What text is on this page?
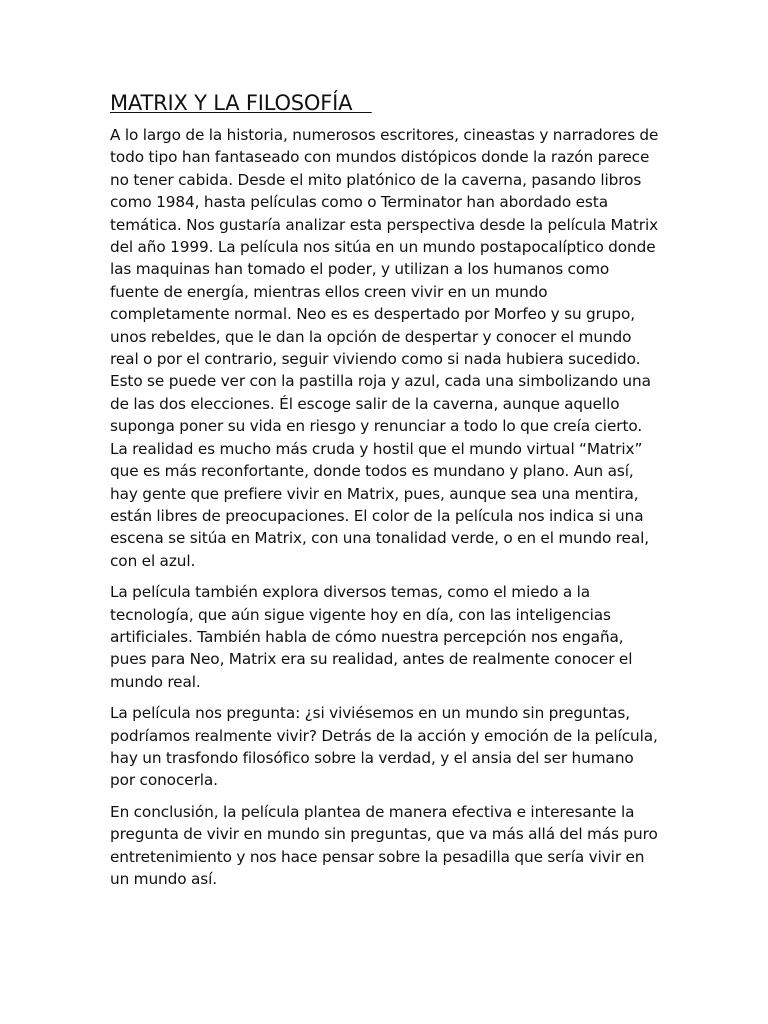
MATRIX Y LA FILOSOFÍA

A lo largo de la historia, numerosos escritores, cineastas y narradores de todo tipo han fantaseado con mundos distópicos donde la razón parece no tener cabida. Desde el mito platónico de la caverna, pasando libros como 1984, hasta películas como o Terminator han abordado esta temática. Nos gustaría analizar esta perspectiva desde la película Matrix del año 1999. La película nos sitúa en un mundo postapocalíptico donde las maquinas han tomado el poder, y utilizan a los humanos como fuente de energía, mientras ellos creen vivir en un mundo completamente normal. Neo es es despertado por Morfeo y su grupo, unos rebeldes, que le dan la opción de despertar y conocer el mundo real o por el contrario, seguir viviendo como si nada hubiera sucedido. Esto se puede ver con la pastilla roja y azul, cada una simbolizando una de las dos elecciones. Él escoge salir de la caverna, aunque aquello suponga poner su vida en riesgo y renunciar a todo lo que creía cierto. La realidad es mucho más cruda y hostil que el mundo virtual “Matrix” que es más reconfortante, donde todos es mundano y plano. Aun así, hay gente que prefiere vivir en Matrix, pues, aunque sea una mentira, están libres de preocupaciones. El color de la película nos indica si una escena se sitúa en Matrix, con una tonalidad verde, o en el mundo real, con el azul.

La película también explora diversos temas, como el miedo a la tecnología, que aún sigue vigente hoy en día, con las inteligencias artificiales. También habla de cómo nuestra percepción nos engaña, pues para Neo, Matrix era su realidad, antes de realmente conocer el mundo real.

La película nos pregunta: ¿si viviésemos en un mundo sin preguntas, podríamos realmente vivir? Detrás de la acción y emoción de la película, hay un trasfondo filosófico sobre la verdad, y el ansia del ser humano por conocerla.

En conclusión, la película plantea de manera efectiva e interesante la pregunta de vivir en mundo sin preguntas, que va más allá del más puro entretenimiento y nos hace pensar sobre la pesadilla que sería vivir en un mundo así.
